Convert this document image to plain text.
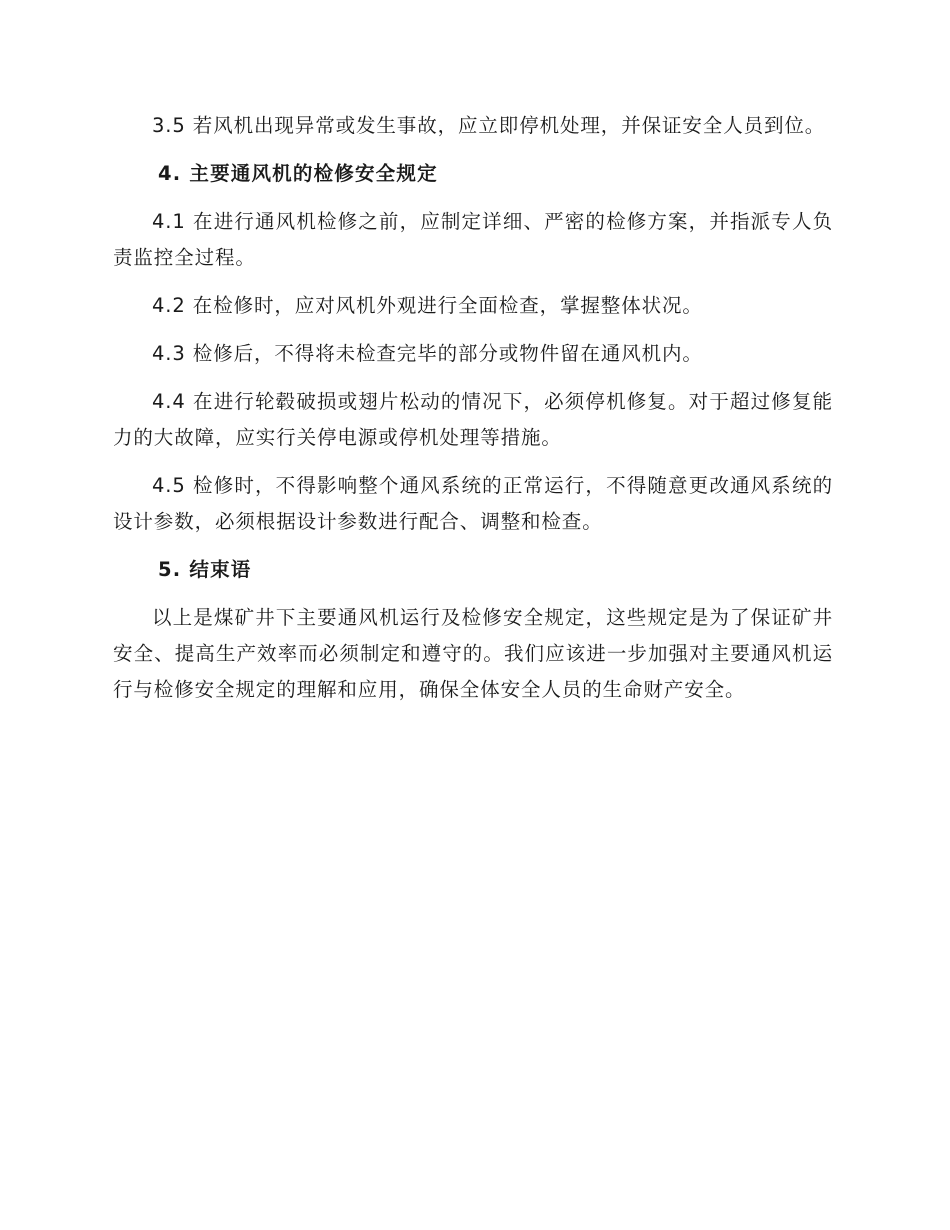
3.5 若风机出现异常或发生事故，应立即停机处理，并保证安全人员到位。

4. 主要通风机的检修安全规定

4.1 在进行通风机检修之前，应制定详细、严密的检修方案，并指派专人负责监控全过程。

4.2 在检修时，应对风机外观进行全面检查，掌握整体状况。

4.3 检修后，不得将未检查完毕的部分或物件留在通风机内。

4.4 在进行轮毂破损或翅片松动的情况下，必须停机修复。对于超过修复能力的大故障，应实行关停电源或停机处理等措施。

4.5 检修时，不得影响整个通风系统的正常运行，不得随意更改通风系统的设计参数，必须根据设计参数进行配合、调整和检查。

5. 结束语

以上是煤矿井下主要通风机运行及检修安全规定，这些规定是为了保证矿井安全、提高生产效率而必须制定和遵守的。我们应该进一步加强对主要通风机运行与检修安全规定的理解和应用，确保全体安全人员的生命财产安全。
